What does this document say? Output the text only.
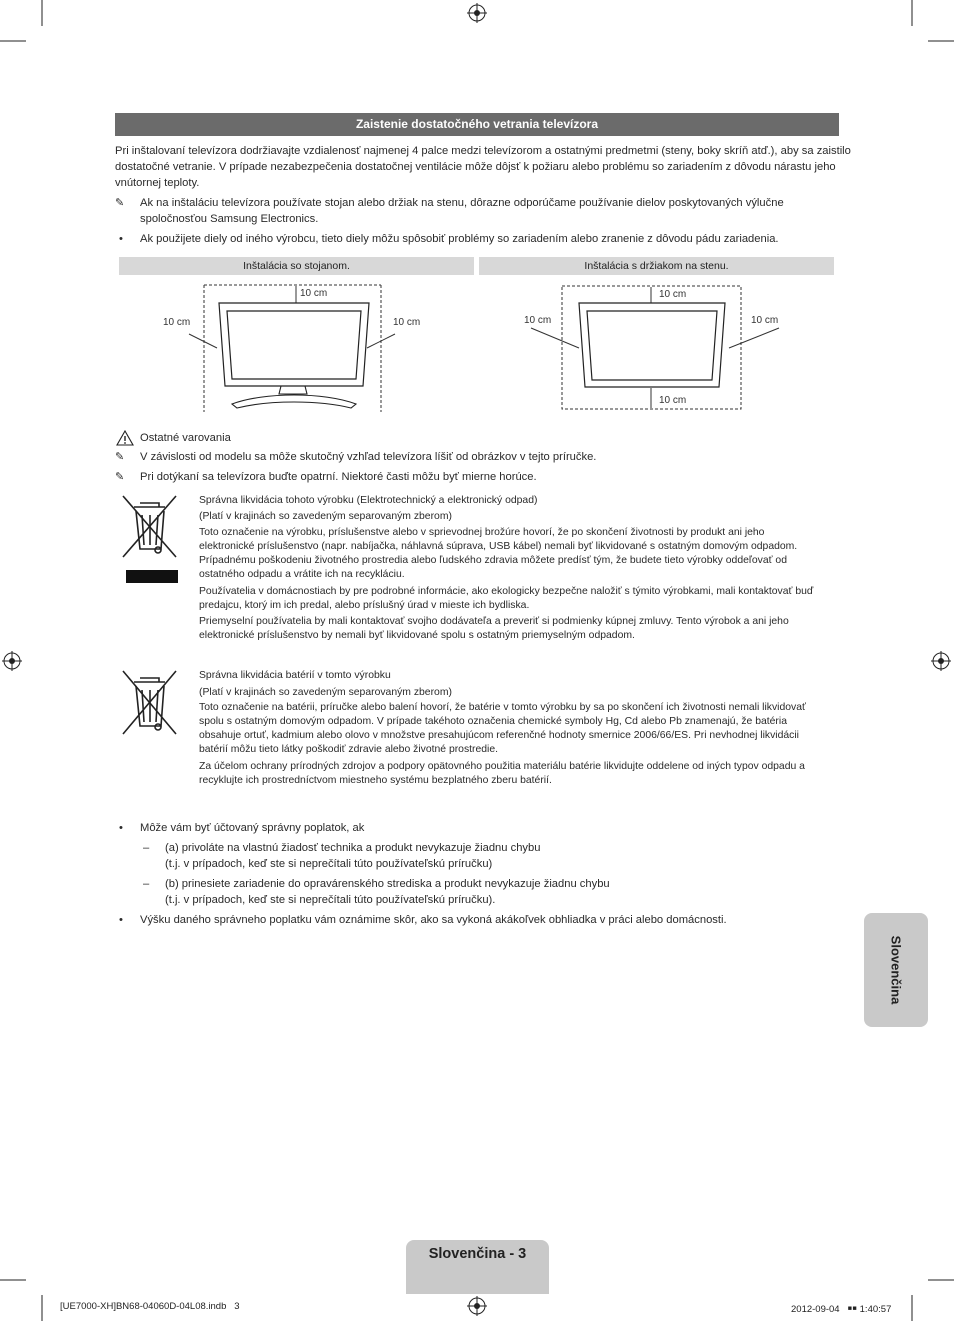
Zaistenie dostatočného vetrania televízora
Pri inštalovaní televízora dodržiavajte vzdialenosť najmenej 4 palce medzi televízorom a ostatnými predmetmi (steny, boky skríň atď.), aby sa zaistilo
dostatočné vetranie. V prípade nezabezpečenia dostatočnej ventilácie môže dôjsť k požiaru alebo problému so zariadením z dôvodu nárastu jeho
vnútornej teploty.
✎ Ak na inštaláciu televízora používate stojan alebo držiak na stenu, dôrazne odporúčame používanie dielov poskytovaných výlučne
spoločnosťou Samsung Electronics.
• Ak použijete diely od iného výrobcu, tieto diely môžu spôsobiť problémy so zariadením alebo zranenie z dôvodu pádu zariadenia.
Inštalácia so stojanom.	Inštalácia s držiakom na stenu.
10 cm
10 cm	10 cm
10 cm
10 cm	10 cm
10 cm
Ostatné varovania
✎ V závislosti od modelu sa môže skutočný vzhľad televízora líšiť od obrázkov v tejto príručke.
✎ Pri dotýkaní sa televízora buďte opatrní. Niektoré časti môžu byť mierne horúce.
Správna likvidácia tohoto výrobku (Elektrotechnický a elektronický odpad)
(Platí v krajinách so zavedeným separovaným zberom)
Toto označenie na výrobku, príslušenstve alebo v sprievodnej brožúre hovorí, že po skončení životnosti by produkt ani jeho
elektronické príslušenstvo (napr. nabíjačka, náhlavná súprava, USB kábel) nemali byť likvidované s ostatným domovým odpadom.
Prípadnému poškodeniu životného prostredia alebo ľudského zdravia môžete predísť tým, že budete tieto výrobky oddeľovať od
ostatného odpadu a vrátite ich na recykláciu.
Používatelia v domácnostiach by pre podrobné informácie, ako ekologicky bezpečne naložiť s týmito výrobkami, mali kontaktovať buď
predajcu, ktorý im ich predal, alebo príslušný úrad v mieste ich bydliska.
Priemyselní používatelia by mali kontaktovať svojho dodávateľa a preveriť si podmienky kúpnej zmluvy. Tento výrobok a ani jeho
elektronické príslušenstvo by nemali byť likvidované spolu s ostatným priemyselným odpadom.
Správna likvidácia batérií v tomto výrobku
(Platí v krajinách so zavedeným separovaným zberom)
Toto označenie na batérii, príručke alebo balení hovorí, že batérie v tomto výrobku by sa po skončení ich životnosti nemali likvidovať
spolu s ostatným domovým odpadom. V prípade takéhoto označenia chemické symboly Hg, Cd alebo Pb znamenajú, že batéria
obsahuje ortuť, kadmium alebo olovo v množstve presahujúcom referenčné hodnoty smernice 2006/66/ES. Pri nevhodnej likvidácii
batérií môžu tieto látky poškodiť zdravie alebo životné prostredie.
Za účelom ochrany prírodných zdrojov a podpory opätovného použitia materiálu batérie likvidujte oddelene od iných typov odpadu a
recyklujte ich prostredníctvom miestneho systému bezplatného zberu batérií.
• Môže vám byť účtovaný správny poplatok, ak
– (a) privoláte na vlastnú žiadosť technika a produkt nevykazuje žiadnu chybu
(t.j. v prípadoch, keď ste si neprečítali túto používateľskú príručku)
– (b) prinesiete zariadenie do opravárenského strediska a produkt nevykazuje žiadnu chybu
(t.j. v prípadoch, keď ste si neprečítali túto používateľskú príručku).
• Výšku daného správneho poplatku vám oznámime skôr, ako sa vykoná akákoľvek obhliadka v práci alebo domácnosti.
Slovenčina
Slovenčina - 3
[UE7000-XH]BN68-04060D-04L08.indb   3	2012-09-04   ￭￭ 1:40:57
